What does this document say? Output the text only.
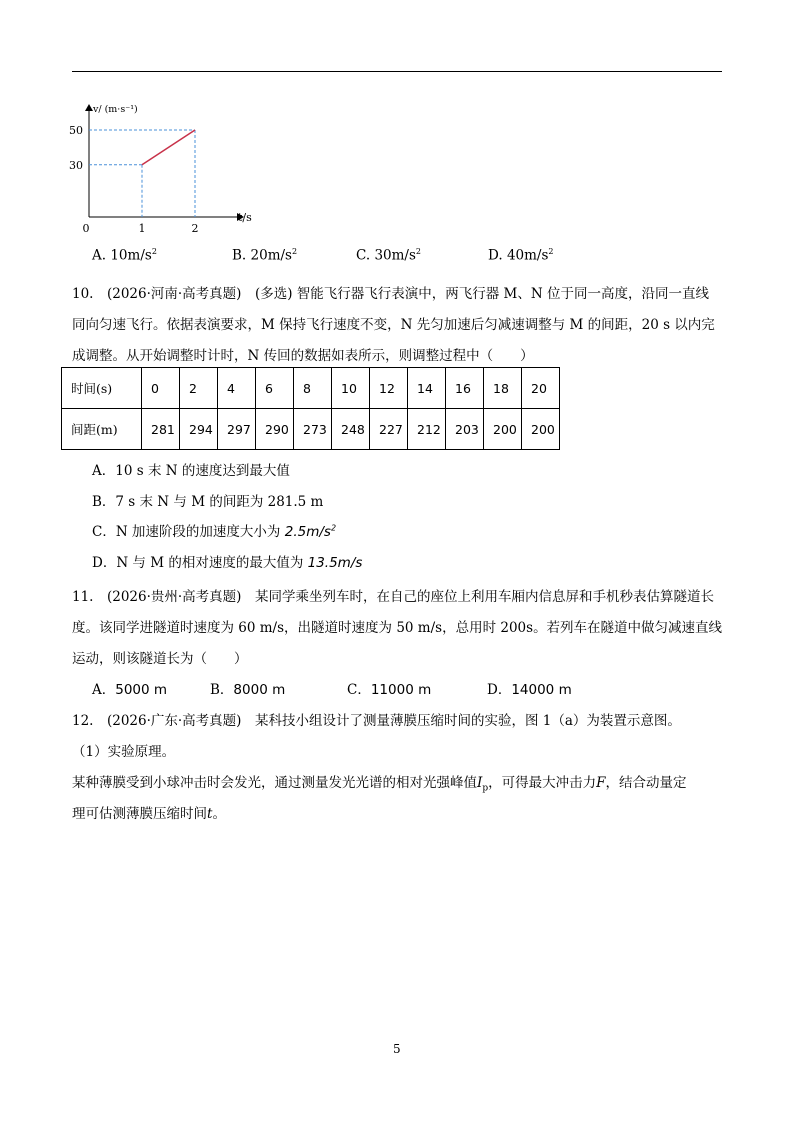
1	2
30
50
0
v/ (m·s⁻¹)
t/s
A. $10m/s^2$	B. $20m/s^2$	C. $30m/s^2$	D. $40m/s^2$
10.　(2026·河南·高考真题)　(多选) 智能飞行器飞行表演中，两飞行器 M、N 位于同一高度，沿同一直线
同向匀速飞行。依据表演要求，M 保持飞行速度不变，N 先匀加速后匀减速调整与 M 的间距，20 s 以内完
成调整。从开始调整时计时，N 传回的数据如表所示，则调整过程中（　　）
时间(s)	0	2	4	6	8	10	12	14	16	18	20
间距(m)	281	294	297	290	273	248	227	212	203	200	200
A．10 s 末 N 的速度达到最大值
B．7 s 末 N 与 M 的间距为 281.5 m
C．N 加速阶段的加速度大小为 $2.5m/s^2$
D．N 与 M 的相对速度的最大值为 13.5m/s
11.　(2026·贵州·高考真题)　某同学乘坐列车时，在自己的座位上利用车厢内信息屏和手机秒表估算隧道长
度。该同学进隧道时速度为 60 m/s，出隧道时速度为 50 m/s，总用时 200s。若列车在隧道中做匀减速直线
运动，则该隧道长为（　　）
A．5000 m	B．8000 m	C．11000 m	D．14000 m
12.　(2026·广东·高考真题)　某科技小组设计了测量薄膜压缩时间的实验，图 1（a）为装置示意图。
（1）实验原理。
某种薄膜受到小球冲击时会发光，通过测量发光光谱的相对光强峰值$I_p$，可得最大冲击力F，结合动量定
理可估测薄膜压缩时间t。
5
